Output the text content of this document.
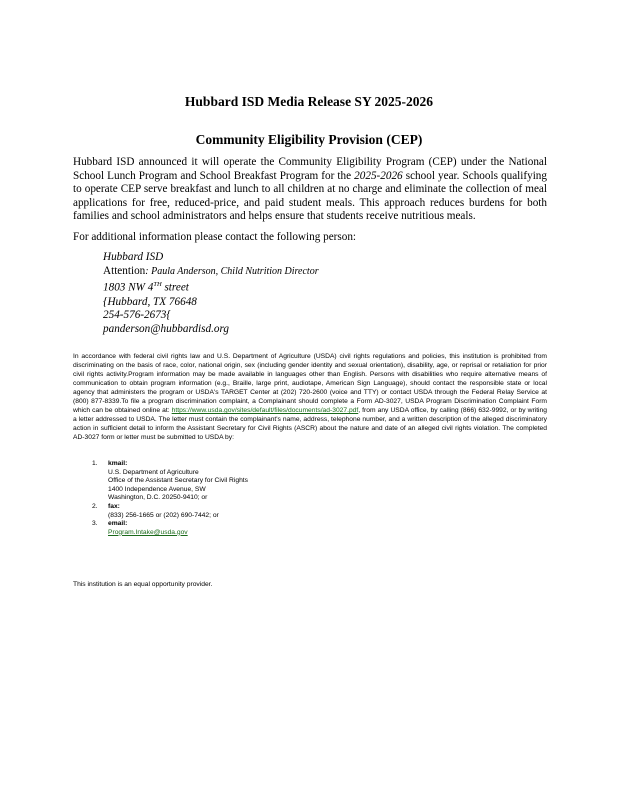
Hubbard ISD Media Release SY 2025-2026
Community Eligibility Provision (CEP)
Hubbard ISD announced it will operate the Community Eligibility Program (CEP) under the National School Lunch Program and School Breakfast Program for the 2025-2026 school year. Schools qualifying to operate CEP serve breakfast and lunch to all children at no charge and eliminate the collection of meal applications for free, reduced-price, and paid student meals. This approach reduces burdens for both families and school administrators and helps ensure that students receive nutritious meals.
For additional information please contact the following person:
Hubbard ISD
Attention: Paula Anderson, Child Nutrition Director
1803 NW 4TH street
{Hubbard, TX 76648
254-576-2673{
panderson@hubbardisd.org
In accordance with federal civil rights law and U.S. Department of Agriculture (USDA) civil rights regulations and policies, this institution is prohibited from discriminating on the basis of race, color, national origin, sex (including gender identity and sexual orientation), disability, age, or reprisal or retaliation for prior civil rights activity.Program information may be made available in languages other than English. Persons with disabilities who require alternative means of communication to obtain program information (e.g., Braille, large print, audiotape, American Sign Language), should contact the responsible state or local agency that administers the program or USDA's TARGET Center at (202) 720-2600 (voice and TTY) or contact USDA through the Federal Relay Service at (800) 877-8339.To file a program discrimination complaint, a Complainant should complete a Form AD-3027, USDA Program Discrimination Complaint Form which can be obtained online at: https://www.usda.gov/sites/default/files/documents/ad-3027.pdf, from any USDA office, by calling (866) 632-9992, or by writing a letter addressed to USDA. The letter must contain the complainant's name, address, telephone number, and a written description of the alleged discriminatory action in sufficient detail to inform the Assistant Secretary for Civil Rights (ASCR) about the nature and date of an alleged civil rights violation. The completed AD-3027 form or letter must be submitted to USDA by:
1. kmail:
U.S. Department of Agriculture
Office of the Assistant Secretary for Civil Rights
1400 Independence Avenue, SW
Washington, D.C. 20250-9410; or
2. fax:
(833) 256-1665 or (202) 690-7442; or
3. email:
Program.Intake@usda.gov
This institution is an equal opportunity provider.
